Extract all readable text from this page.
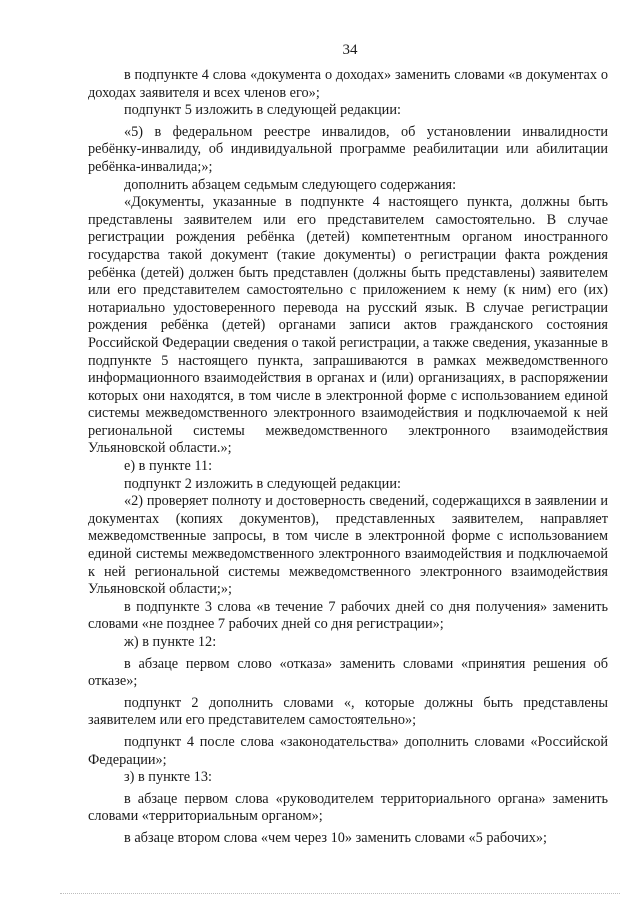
34

в подпункте 4 слова «документа о доходах» заменить словами «в документах о доходах заявителя и всех членов его»;

подпункт 5 изложить в следующей редакции:

«5) в федеральном реестре инвалидов, об установлении инвалидности ребёнку-инвалиду, об индивидуальной программе реабилитации или абилитации ребёнка-инвалида;»;

дополнить абзацем седьмым следующего содержания:

«Документы, указанные в подпункте 4 настоящего пункта, должны быть представлены заявителем или его представителем самостоятельно. В случае регистрации рождения ребёнка (детей) компетентным органом иностранного государства такой документ (такие документы) о регистрации факта рождения ребёнка (детей) должен быть представлен (должны быть представлены) заявителем или его представителем самостоятельно с приложением к нему (к ним) его (их) нотариально удостоверенного перевода на русский язык. В случае регистрации рождения ребёнка (детей) органами записи актов гражданского состояния Российской Федерации сведения о такой регистрации, а также сведения, указанные в подпункте 5 настоящего пункта, запрашиваются в рамках межведомственного информационного взаимодействия в органах и (или) организациях, в распоряжении которых они находятся, в том числе в электронной форме с использованием единой системы межведомственного электронного взаимодействия и подключаемой к ней региональной системы межведомственного электронного взаимодействия Ульяновской области.»;

е) в пункте 11:

подпункт 2 изложить в следующей редакции:

«2) проверяет полноту и достоверность сведений, содержащихся в заявлении и документах (копиях документов), представленных заявителем, направляет межведомственные запросы, в том числе в электронной форме с использованием единой системы межведомственного электронного взаимодействия и подключаемой к ней региональной системы межведомственного электронного взаимодействия Ульяновской области;»;

в подпункте 3 слова «в течение 7 рабочих дней со дня получения» заменить словами «не позднее 7 рабочих дней со дня регистрации»;

ж) в пункте 12:

в абзаце первом слово «отказа» заменить словами «принятия решения об отказе»;

подпункт 2 дополнить словами «, которые должны быть представлены заявителем или его представителем самостоятельно»;

подпункт 4 после слова «законодательства» дополнить словами «Российской Федерации»;

з) в пункте 13:

в абзаце первом слова «руководителем территориального органа» заменить словами «территориальным органом»;

в абзаце втором слова «чем через 10» заменить словами «5 рабочих»;
